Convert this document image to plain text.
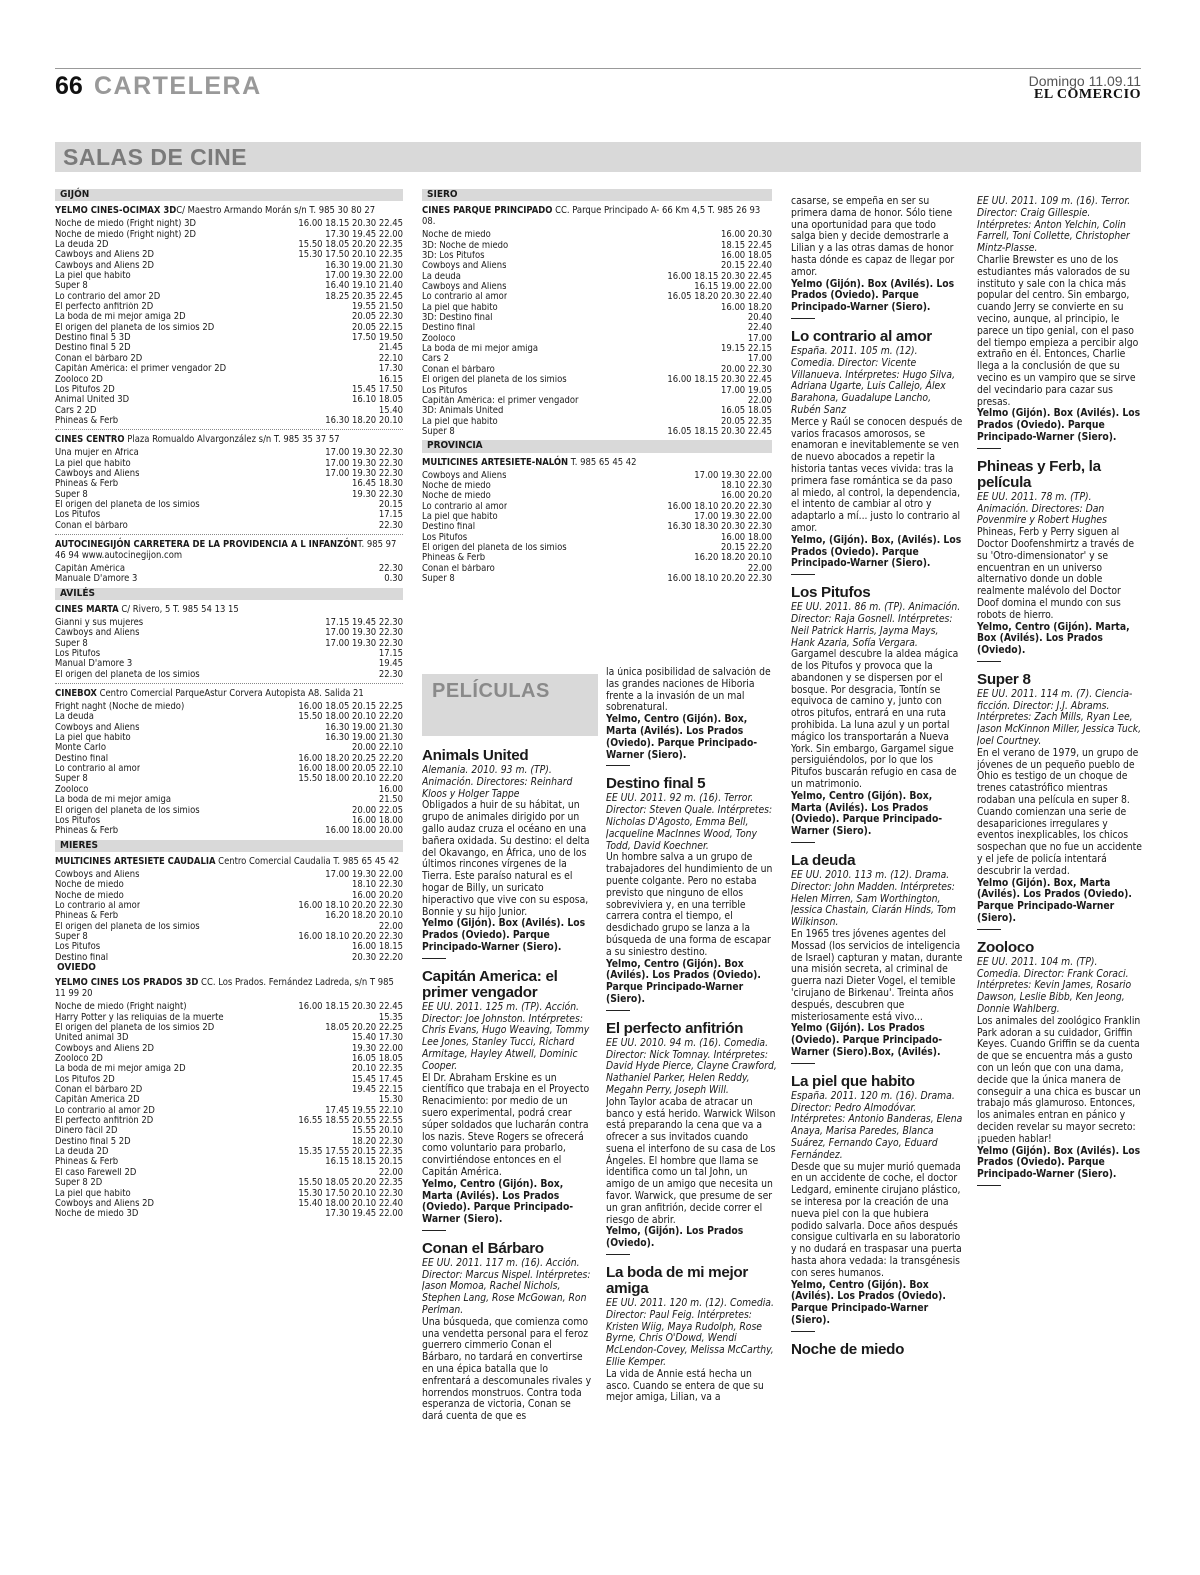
66 CARTELERA	Domingo 11.09.11
EL COMERCIO
SALAS DE CINE
GIJÓN
YELMO CINES-OCIMAX 3DC/ Maestro Armando Morán s/n T. 985 30 80 27
Noche de miedo (Fright night) 3D	16.00 18.15 20.30 22.45
Noche de miedo (Fright night) 2D	17.30 19.45 22.00
La deuda 2D	15.50 18.05 20.20 22.35
Cawboys and Aliens 2D	15.30 17.50 20.10 22.35
Cawboys and Aliens 2D	16.30 19.00 21.30
La piel que habito	17.00 19.30 22.00
Super 8	16.40 19.10 21.40
Lo contrario del amor 2D	18.25 20.35 22.45
El perfecto anfitrión 2D	19.55 21.50
La boda de mi mejor amiga 2D	20.05 22.30
El origen del planeta de los simios 2D	20.05 22.15
Destino final 5 3D	17.50 19.50
Destino final 5 2D	21.45
Conan el bárbaro 2D	22.10
Capitán América: el primer vengador 2D	17.30
Zooloco 2D	16.15
Los Pitufos 2D	15.45 17.50
Animal United 3D	16.10 18.05
Cars 2 2D	15.40
Phineas & Ferb	16.30 18.20 20.10
CINES CENTRO Plaza Romualdo Alvargonzález s/n T. 985 35 37 57
Una mujer en África	17.00 19.30 22.30
La piel que habito	17.00 19.30 22.30
Cawboys and Aliens	17.00 19.30 22.30
Phineas & Ferb	16.45 18.30
Super 8	19.30 22.30
El origen del planeta de los simios	20.15
Los Pitufos	17.15
Conan el bárbaro	22.30
AUTOCINEGIJÓN CARRETERA DE LA PROVIDENCIA A L INFANZÓNT. 985 97 46 94 www.autocinegijon.com
Capitán América	22.30
Manuale D'amore 3	0.30
AVILÉS
CINES MARTA C/ Rivero, 5 T. 985 54 13 15
Gianni y sus mujeres	17.15 19.45 22.30
Cawboys and Aliens	17.00 19.30 22.30
Super 8	17.00 19.30 22.30
Los Pitufos	17.15
Manual D'amore 3	19.45
El origen del planeta de los simios	22.30
CINEBOX Centro Comercial ParqueAstur Corvera Autopista A8. Salida 21
Fright naght (Noche de miedo)	16.00 18.05 20.15 22.25
La deuda	15.50 18.00 20.10 22.20
Cowboys and Aliens	16.30 19.00 21.30
La piel que habito	16.30 19.00 21.30
Monte Carlo	20.00 22.10
Destino final	16.00 18.20 20.25 22.20
Lo contrario al amor	16.00 18.00 20.05 22.10
Super 8	15.50 18.00 20.10 22.20
Zooloco	16.00
La boda de mi mejor amiga	21.50
El origen del planeta de los simios	20.00 22.05
Los Pitufos	16.00 18.00
Phineas & Ferb	16.00 18.00 20.00
MIERES
MULTICINES ARTESIETE CAUDALIA Centro Comercial Caudalia T. 985 65 45 42
Cowboys and Aliens	17.00 19.30 22.00
Noche de miedo	18.10 22.30
Noche de miedo	16.00 20.20
Lo contrario al amor	16.00 18.10 20.20 22.30
Phineas & Ferb	16.20 18.20 20.10
El origen del planeta de los simios	22.00
Super 8	16.00 18.10 20.20 22.30
Los Pitufos	16.00 18.15
Destino final	20.30 22.20
OVIEDO
YELMO CINES LOS PRADOS 3D CC. Los Prados. Fernández Ladreda, s/n T 985 11 99 20
Noche de miedo (Fright naight)	16.00 18.15 20.30 22.45
Harry Potter y las reliquias de la muerte	15.35
El origen del planeta de los simios 2D	18.05 20.20 22.25
United animal 3D	15.40 17.30
Cowboys and Aliens 2D	19.30 22.00
Zooloco 2D	16.05 18.05
La boda de mi mejor amiga 2D	20.10 22.35
Los Pitufos 2D	15.45 17.45
Conan el bárbaro 2D	19.45 22.15
Capitán America 2D	15.30
Lo contrario al amor 2D	17.45 19.55 22.10
El perfecto anfitrión 2D	16.55 18.55 20.55 22.55
Dinero fácil 2D	15.55 20.10
Destino final 5 2D	18.20 22.30
La deuda 2D	15.35 17.55 20.15 22.35
Phineas & Ferb	16.15 18.15 20.15
El caso Farewell 2D	22.00
Super 8 2D	15.50 18.05 20.20 22.35
La piel que habito	15.30 17.50 20.10 22.30
Cowboys and Aliens 2D	15.40 18.00 20.10 22.40
Noche de miedo 3D	17.30 19.45 22.00
SIERO
CINES PARQUE PRINCIPADO CC. Parque Principado A- 66 Km 4,5 T. 985 26 93 08.
Noche de miedo	16.00 20.30
3D: Noche de miedo	18.15 22.45
3D: Los Pitufos	16.00 18.05
Cowboys and Aliens	20.15 22.40
La deuda	16.00 18.15 20.30 22.45
Cawboys and Aliens	16.15 19.00 22.00
Lo contrario al amor	16.05 18.20 20.30 22.40
La piel que habito	16.00 18.20
3D: Destino final	20.40
Destino final	22.40
Zooloco	17.00
La boda de mi mejor amiga	19.15 22.15
Cars 2	17.00
Conan el bárbaro	20.00 22.30
El origen del planeta de los simios	16.00 18.15 20.30 22.45
Los Pitufos	17.00 19.05
Capitán América: el primer vengador	22.00
3D: Animals United	16.05 18.05
La piel que habito	20.05 22.35
Super 8	16.05 18.15 20.30 22.45
PROVINCIA
MULTICINES ARTESIETE-NALÓN T. 985 65 45 42
Cowboys and Aliens	17.00 19.30 22.00
Noche de miedo	18.10 22.30
Noche de miedo	16.00 20.20
Lo contrario al amor	16.00 18.10 20.20 22.30
La piel que habito	17.00 19.30 22.00
Destino final	16.30 18.30 20.30 22.30
Los Pitufos	16.00 18.00
El origen del planeta de los simios	20.15 22.20
Phineas & Ferb	16.20 18.20 20.10
Conan el bárbaro	22.00
Super 8	16.00 18.10 20.20 22.30
PELÍCULAS
Animals United
Alemania. 2010. 93 m. (TP). Animación. Directores: Reinhard Kloos y Holger Tappe
Obligados a huir de su hábitat, un grupo de animales dirigido por un gallo audaz cruza el océano en una bañera oxidada. Su destino: el delta del Okavango, en África, uno de los últimos rincones vírgenes de la Tierra. Este paraíso natural es el hogar de Billy, un suricato hiperactivo que vive con su esposa, Bonnie y su hijo Junior.
Yelmo (Gijón). Box (Avilés). Los Prados (Oviedo). Parque Principado-Warner (Siero).
Capitán America: el primer vengador
EE UU. 2011. 125 m. (TP). Acción. Director: Joe Johnston. Intérpretes: Chris Evans, Hugo Weaving, Tommy Lee Jones, Stanley Tucci, Richard Armitage, Hayley Atwell, Dominic Cooper.
El Dr. Abraham Erskine es un científico que trabaja en el Proyecto Renacimiento: por medio de un suero experimental, podrá crear súper soldados que lucharán contra los nazis. Steve Rogers se ofrecerá como voluntario para probarlo, convirtiéndose entonces en el Capitán América.
Yelmo, Centro (Gijón). Box, Marta (Avilés). Los Prados (Oviedo). Parque Principado-Warner (Siero).
Conan el Bárbaro
EE UU. 2011. 117 m. (16). Acción. Director: Marcus Nispel. Intérpretes: Jason Momoa, Rachel Nichols, Stephen Lang, Rose McGowan, Ron Perlman.
Una búsqueda, que comienza como una vendetta personal para el feroz guerrero cimmerio Conan el Bárbaro, no tardará en convertirse en una épica batalla que lo enfrentará a descomunales rivales y horrendos monstruos. Contra toda esperanza de victoria, Conan se dará cuenta de que es
la única posibilidad de salvación de las grandes naciones de Hiboria frente a la invasión de un mal sobrenatural.
Yelmo, Centro (Gijón). Box, Marta (Avilés). Los Prados (Oviedo). Parque Principado-Warner (Siero).
Destino final 5
EE UU. 2011. 92 m. (16). Terror. Director: Steven Quale. Intérpretes: Nicholas D'Agosto, Emma Bell, Jacqueline MacInnes Wood, Tony Todd, David Koechner.
Un hombre salva a un grupo de trabajadores del hundimiento de un puente colgante. Pero no estaba previsto que ninguno de ellos sobreviviera y, en una terrible carrera contra el tiempo, el desdichado grupo se lanza a la búsqueda de una forma de escapar a su siniestro destino.
Yelmo, Centro (Gijón). Box (Avilés). Los Prados (Oviedo). Parque Principado-Warner (Siero).
El perfecto anfitrión
EE UU. 2010. 94 m. (16). Comedia. Director: Nick Tomnay. Intérpretes: David Hyde Pierce, Clayne Crawford, Nathaniel Parker, Helen Reddy, Megahn Perry, Joseph Will.
John Taylor acaba de atracar un banco y está herido. Warwick Wilson está preparando la cena que va a ofrecer a sus invitados cuando suena el interfono de su casa de Los Ángeles. El hombre que llama se identifica como un tal John, un amigo de un amigo que necesita un favor. Warwick, que presume de ser un gran anfitrión, decide correr el riesgo de abrir.
Yelmo, (Gijón). Los Prados (Oviedo).
La boda de mi mejor amiga
EE UU. 2011. 120 m. (12). Comedia. Director: Paul Feig. Intérpretes: Kristen Wiig, Maya Rudolph, Rose Byrne, Chris O'Dowd, Wendi McLendon-Covey, Melissa McCarthy, Ellie Kemper.
La vida de Annie está hecha un asco. Cuando se entera de que su mejor amiga, Lilian, va a
casarse, se empeña en ser su primera dama de honor. Sólo tiene una oportunidad para que todo salga bien y decide demostrarle a Lilian y a las otras damas de honor hasta dónde es capaz de llegar por amor.
Yelmo (Gijón). Box (Avilés). Los Prados (Oviedo). Parque Principado-Warner (Siero).
Lo contrario al amor
España. 2011. 105 m. (12). Comedia. Director: Vicente Villanueva. Intérpretes: Hugo Silva, Adriana Ugarte, Luis Callejo, Álex Barahona, Guadalupe Lancho, Rubén Sanz
Merce y Raúl se conocen después de varios fracasos amorosos, se enamoran e inevitablemente se ven de nuevo abocados a repetir la historia tantas veces vivida: tras la primera fase romántica se da paso al miedo, al control, la dependencia, el intento de cambiar al otro y adaptarlo a mí... justo lo contrario al amor.
Yelmo, (Gijón). Box, (Avilés). Los Prados (Oviedo). Parque Principado-Warner (Siero).
Los Pitufos
EE UU. 2011. 86 m. (TP). Animación. Director: Raja Gosnell. Intérpretes: Neil Patrick Harris, Jayma Mays, Hank Azaria, Sofía Vergara.
Gargamel descubre la aldea mágica de los Pitufos y provoca que la abandonen y se dispersen por el bosque. Por desgracia, Tontín se equivoca de camino y, junto con otros pitufos, entrará en una ruta prohibida. La luna azul y un portal mágico los transportarán a Nueva York. Sin embargo, Gargamel sigue persiguiéndolos, por lo que los Pitufos buscarán refugio en casa de un matrimonio.
Yelmo, Centro (Gijón). Box, Marta (Avilés). Los Prados (Oviedo). Parque Principado-Warner (Siero).
La deuda
EE UU. 2010. 113 m. (12). Drama. Director: John Madden. Intérpretes: Helen Mirren, Sam Worthington, Jessica Chastain, Ciarán Hinds, Tom Wilkinson.
En 1965 tres jóvenes agentes del Mossad (los servicios de inteligencia de Israel) capturan y matan, durante una misión secreta, al criminal de guerra nazi Dieter Vogel, el temible 'cirujano de Birkenau'. Treinta años después, descubren que misteriosamente está vivo...
Yelmo (Gijón). Los Prados (Oviedo). Parque Principado-Warner (Siero).Box, (Avilés).
La piel que habito
España. 2011. 120 m. (16). Drama. Director: Pedro Almodóvar. Intérpretes: Antonio Banderas, Elena Anaya, Marisa Paredes, Blanca Suárez, Fernando Cayo, Eduard Fernández.
Desde que su mujer murió quemada en un accidente de coche, el doctor Ledgard, eminente cirujano plástico, se interesa por la creación de una nueva piel con la que hubiera podido salvarla. Doce años después consigue cultivarla en su laboratorio y no dudará en traspasar una puerta hasta ahora vedada: la transgénesis con seres humanos.
Yelmo, Centro (Gijón). Box (Avilés). Los Prados (Oviedo). Parque Principado-Warner (Siero).
Noche de miedo
EE UU. 2011. 109 m. (16). Terror. Director: Craig Gillespie. Intérpretes: Anton Yelchin, Colin Farrell, Toni Collette, Christopher Mintz-Plasse.
Charlie Brewster es uno de los estudiantes más valorados de su instituto y sale con la chica más popular del centro. Sin embargo, cuando Jerry se convierte en su vecino, aunque, al principio, le parece un tipo genial, con el paso del tiempo empieza a percibir algo extraño en él. Entonces, Charlie llega a la conclusión de que su vecino es un vampiro que se sirve del vecindario para cazar sus presas.
Yelmo (Gijón). Box (Avilés). Los Prados (Oviedo). Parque Principado-Warner (Siero).
Phineas y Ferb, la película
EE UU. 2011. 78 m. (TP). Animación. Directores: Dan Povenmire y Robert Hughes
Phineas, Ferb y Perry siguen al Doctor Doofenshmirtz a través de su 'Otro-dimensionator' y se encuentran en un universo alternativo donde un doble realmente malévolo del Doctor Doof domina el mundo con sus robots de hierro.
Yelmo, Centro (Gijón). Marta, Box (Avilés). Los Prados (Oviedo).
Super 8
EE UU. 2011. 114 m. (7). Ciencia-ficción. Director: J.J. Abrams. Intérpretes: Zach Mills, Ryan Lee, Jason McKinnon Miller, Jessica Tuck, Joel Courtney.
En el verano de 1979, un grupo de jóvenes de un pequeño pueblo de Ohio es testigo de un choque de trenes catastrófico mientras rodaban una película en super 8. Cuando comienzan una serie de desapariciones irregulares y eventos inexplicables, los chicos sospechan que no fue un accidente y el jefe de policía intentará descubrir la verdad.
Yelmo (Gijón). Box, Marta (Avilés). Los Prados (Oviedo). Parque Principado-Warner (Siero).
Zooloco
EE UU. 2011. 104 m. (TP). Comedia. Director: Frank Coraci. Intérpretes: Kevin James, Rosario Dawson, Leslie Bibb, Ken Jeong, Donnie Wahlberg.
Los animales del zoológico Franklin Park adoran a su cuidador, Griffin Keyes. Cuando Griffin se da cuenta de que se encuentra más a gusto con un león que con una dama, decide que la única manera de conseguir a una chica es buscar un trabajo más glamuroso. Entonces, los animales entran en pánico y deciden revelar su mayor secreto: ¡pueden hablar!
Yelmo (Gijón). Box (Avilés). Los Prados (Oviedo). Parque Principado-Warner (Siero).
